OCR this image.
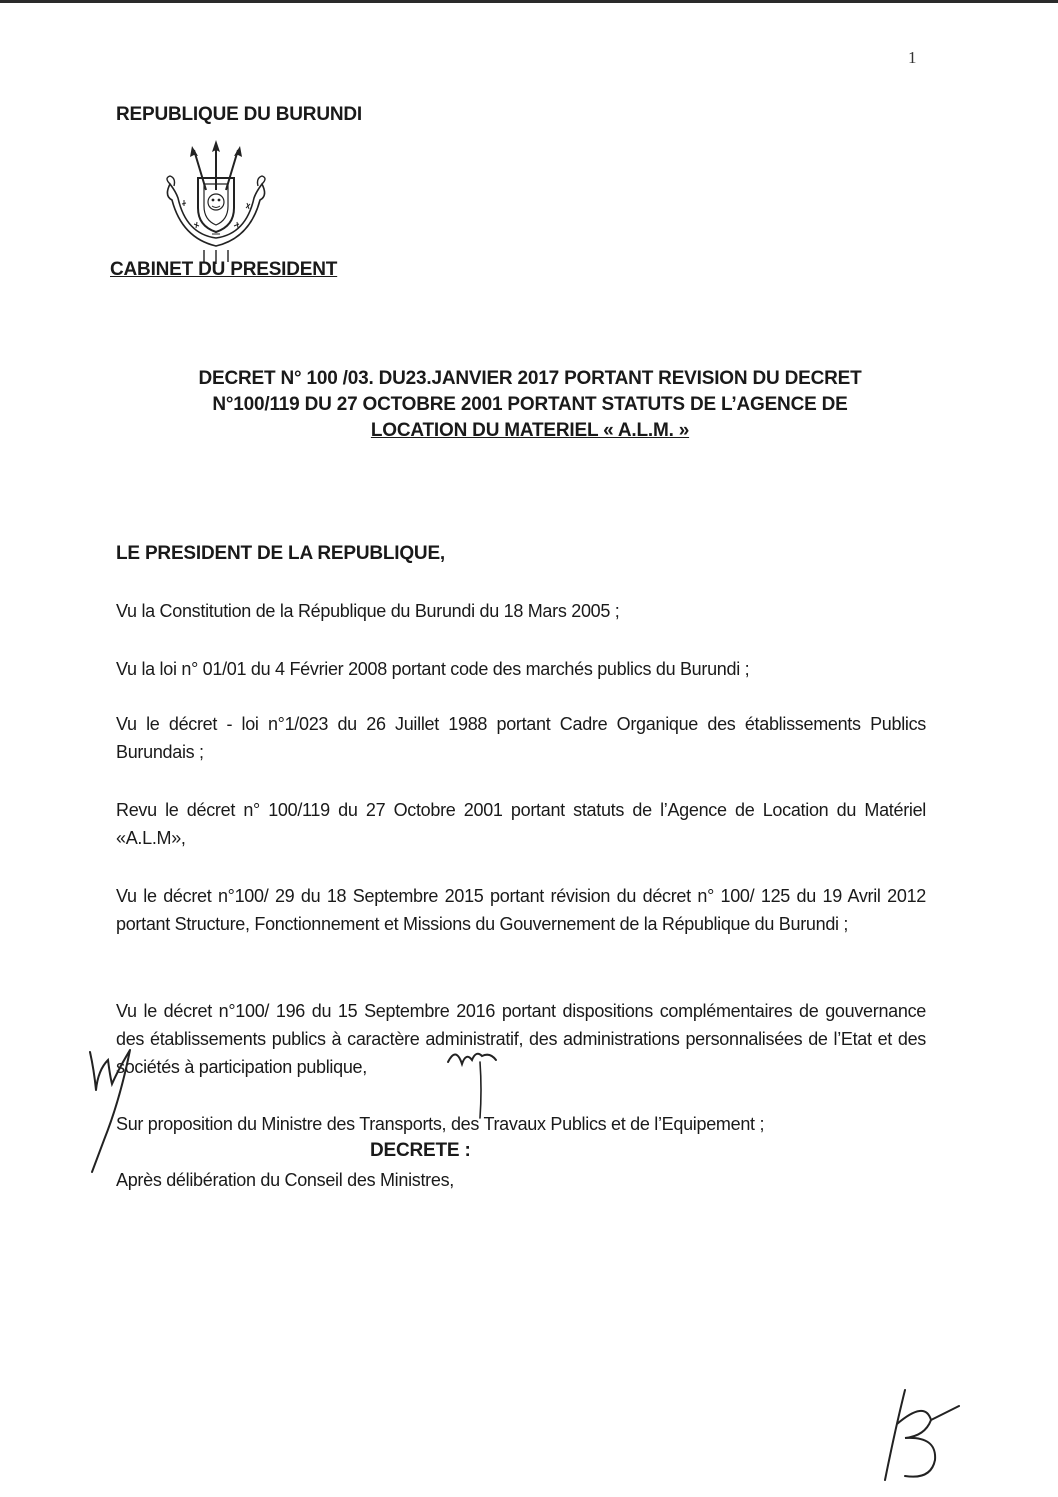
1
REPUBLIQUE DU BURUNDI
CABINET DU PRESIDENT
DECRET N° 100 /03. DU23.JANVIER 2017 PORTANT REVISION DU DECRET
N°100/119 DU 27 OCTOBRE 2001 PORTANT STATUTS DE L’AGENCE DE
LOCATION DU MATERIEL « A.L.M. »
LE PRESIDENT DE LA REPUBLIQUE,
Vu la Constitution de la République du Burundi du 18 Mars 2005 ;
Vu la loi n° 01/01 du 4 Février 2008 portant code des marchés publics du Burundi ;
Vu le décret - loi n°1/023 du 26 Juillet 1988 portant Cadre Organique des établissements Publics Burundais ;
Revu le décret n° 100/119 du 27 Octobre 2001 portant statuts de l’Agence de Location du Matériel «A.L.M»,
Vu le décret n°100/ 29 du 18 Septembre 2015 portant révision du décret n° 100/ 125 du 19 Avril 2012 portant Structure, Fonctionnement et Missions du Gouvernement de la République du Burundi ;
Vu le décret n°100/ 196 du 15 Septembre 2016 portant dispositions complémentaires de gouvernance des établissements publics à caractère administratif, des administrations personnalisées de l’Etat et des sociétés à participation publique,
Sur proposition du Ministre des Transports, des Travaux Publics et de l’Equipement ;
Après délibération du Conseil des Ministres,
DECRETE :
